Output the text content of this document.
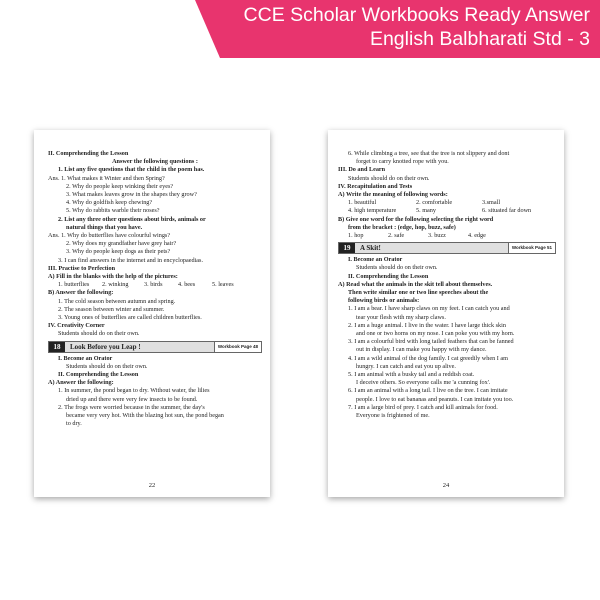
CCE Scholar Workbooks Ready Answer
English Balbharati Std - 3
II. Comprehending the Lesson
Answer the following questions :
1. List any five questions that the child in the poem has.
Ans. 1. What makes it Winter and then Spring?
2. Why do people keep winking their eyes?
3. What makes leaves grow in the shapes they grow?
4. Why do goldfish keep chewing?
5. Why do rabbits warble their noses?
2. List any three other questions about birds, animals or
natural things that you have.
Ans. 1. Why do butterflies have colourful wings?
2. Why does my grandfather have grey hair?
3. Why do people keep dogs as their pets?
3. I can find answers in the internet and in encyclopaedias.
III. Practise to Perfection
A) Fill in the blanks with the help of the pictures:
1. butterflies	2. winking	3. birds	4. bees	5. leaves
B) Answer the following:
1. The cold season between autumn and spring.
2. The season between winter and summer.
3. Young ones of butterflies are called children butterflies.
IV. Creativity Corner
Students should do on their own.
18	Look Before you Leap !	Workbook Page 48
I. Become an Orator
Students should do on their own.
II. Comprehending the Lesson
A) Answer the following:
1. In summer, the pond began to dry. Without water, the lilies
dried up and there were very few insects to be found.
2. The frogs were worried because in the summer, the day's
became very very hot. With the blazing hot sun, the pond began
to dry.
22
6. While climbing a tree, see that the tree is not slippery and dont
forget to carry knotted rope with you.
III. Do and Learn
Students should do on their own.
IV. Recapitulation and Tests
A) Write the meaning of following words:
1. beautiful	2. comfortable	3.small
4. high temperature	5. many	6. situated far down
B) Give one word for the following selecting the right word
from the bracket : (edge, hop, buzz, safe)
1. hop	2. safe	3. buzz	4. edge
19	A Skit!	Workbook Page 51
I. Become an Orator
Students should do on their own.
II. Comprehending the Lesson
A) Read what the animals in the skit tell about themselves.
Then write similar one or two line speeches about the
following birds or animals:
1. I am a bear. I have sharp claws on my feet. I can catch you and
tear your flesh with my sharp claws.
2. I am a huge animal. I live in the water. I have large thick skin
and one or two horns on my nose. I can poke you with my horn.
3. I am a colourful bird with long tailed feathers that can be fanned
out in display. I can make you happy with my dance.
4. I am a wild animal of the dog family. I cat greedily when I am
hungry. I can catch and eat you up alive.
5. I am animal with a busky tail and a reddish coat.
I deceive others. So everyone calls me 'a cunning fox'.
6. I am an animal with a long tail. I live on the tree. I can imitate
people. I love to eat bananas and peanuts. I can imitate you too.
7. I am a large bird of prey. I catch and kill animals for food.
Everyone is frightened of me.
24
